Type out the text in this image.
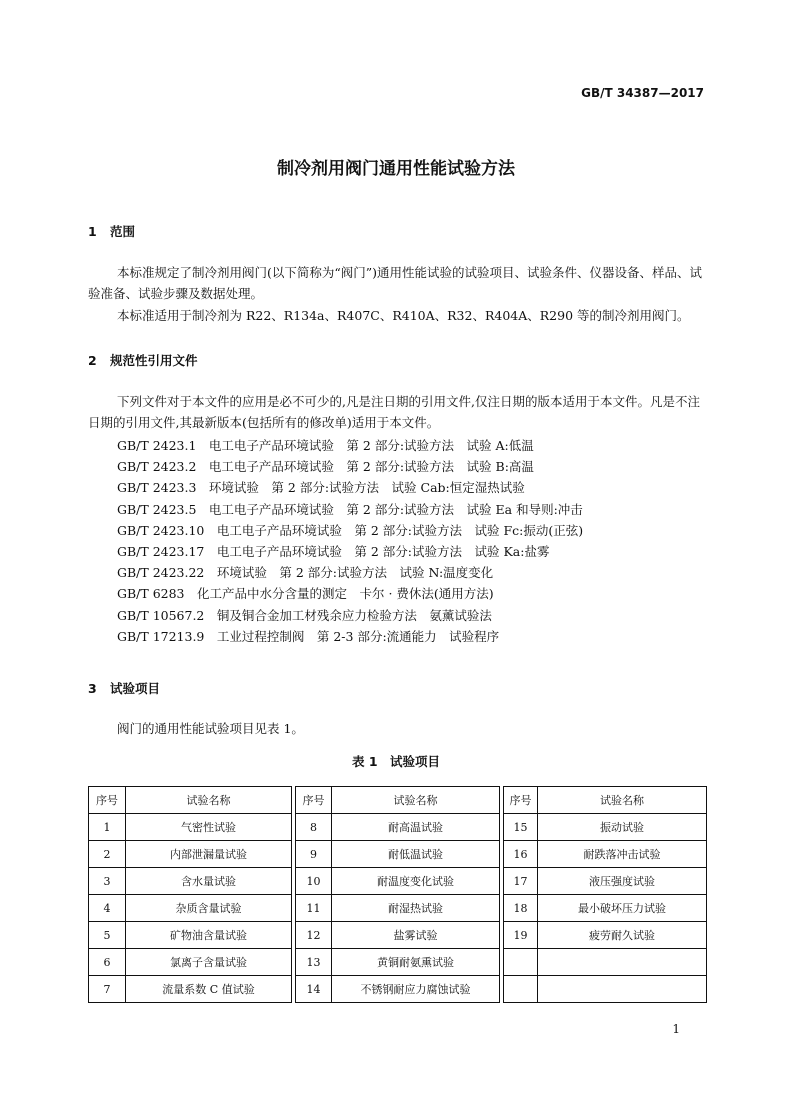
GB/T 34387—2017
制冷剂用阀门通用性能试验方法
1 范围
本标准规定了制冷剂用阀门(以下简称为“阀门”)通用性能试验的试验项目、试验条件、仪器设备、样品、试验准备、试验步骤及数据处理。
本标准适用于制冷剂为 R22、R134a、R407C、R410A、R32、R404A、R290 等的制冷剂用阀门。
2 规范性引用文件
下列文件对于本文件的应用是必不可少的,凡是注日期的引用文件,仅注日期的版本适用于本文件。凡是不注日期的引用文件,其最新版本(包括所有的修改单)适用于本文件。
GB/T 2423.1　电工电子产品环境试验　第 2 部分:试验方法　试验 A:低温
GB/T 2423.2　电工电子产品环境试验　第 2 部分:试验方法　试验 B:高温
GB/T 2423.3　环境试验　第 2 部分:试验方法　试验 Cab:恒定湿热试验
GB/T 2423.5　电工电子产品环境试验　第 2 部分:试验方法　试验 Ea 和导则:冲击
GB/T 2423.10　电工电子产品环境试验　第 2 部分:试验方法　试验 Fc:振动(正弦)
GB/T 2423.17　电工电子产品环境试验　第 2 部分:试验方法　试验 Ka:盐雾
GB/T 2423.22　环境试验　第 2 部分:试验方法　试验 N:温度变化
GB/T 6283　化工产品中水分含量的测定　卡尔 · 费休法(通用方法)
GB/T 10567.2　铜及铜合金加工材残余应力检验方法　氨薰试验法
GB/T 17213.9　工业过程控制阀　第 2-3 部分:流通能力　试验程序
3 试验项目
阀门的通用性能试验项目见表 1。
表 1　试验项目
序号	试验名称		序号	试验名称		序号	试验名称
1	气密性试验		8	耐高温试验		15	振动试验
2	内部泄漏量试验		9	耐低温试验		16	耐跌落冲击试验
3	含水量试验		10	耐温度变化试验		17	液压强度试验
4	杂质含量试验		11	耐湿热试验		18	最小破坏压力试验
5	矿物油含量试验		12	盐雾试验		19	疲劳耐久试验
6	氯离子含量试验		13	黄铜耐氨熏试验			
7	流量系数 C 值试验		14	不锈钢耐应力腐蚀试验			
1
